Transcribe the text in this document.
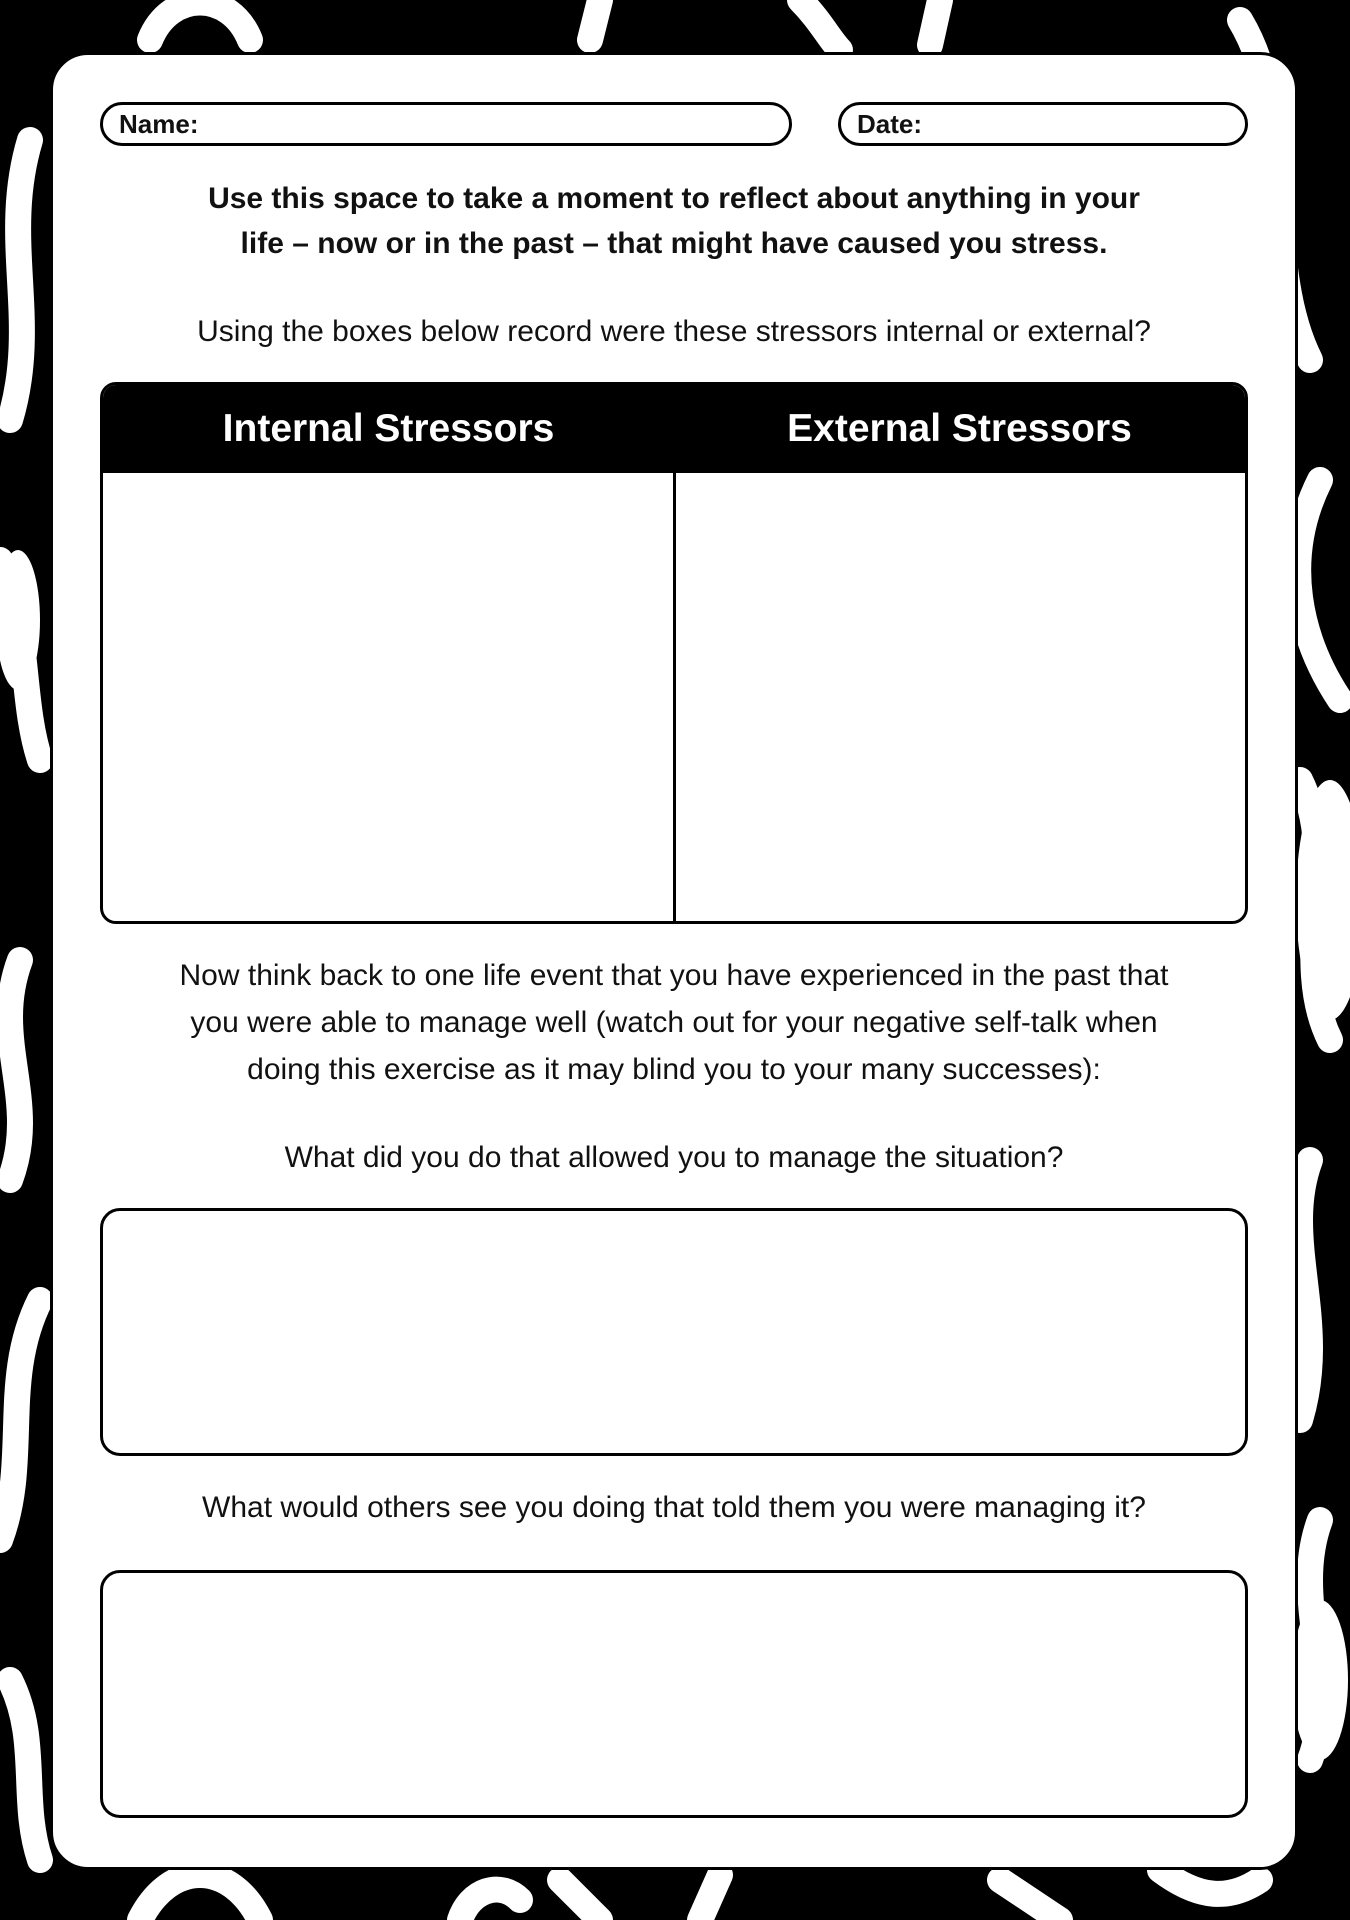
Name:	Date:
Use this space to take a moment to reflect about anything in your
life – now or in the past – that might have caused you stress.
Using the boxes below record were these stressors internal or external?
Internal Stressors	External Stressors
Now think back to one life event that you have experienced in the past that
you were able to manage well (watch out for your negative self-talk when
doing this exercise as it may blind you to your many successes):
What did you do that allowed you to manage the situation?
What would others see you doing that told them you were managing it?
